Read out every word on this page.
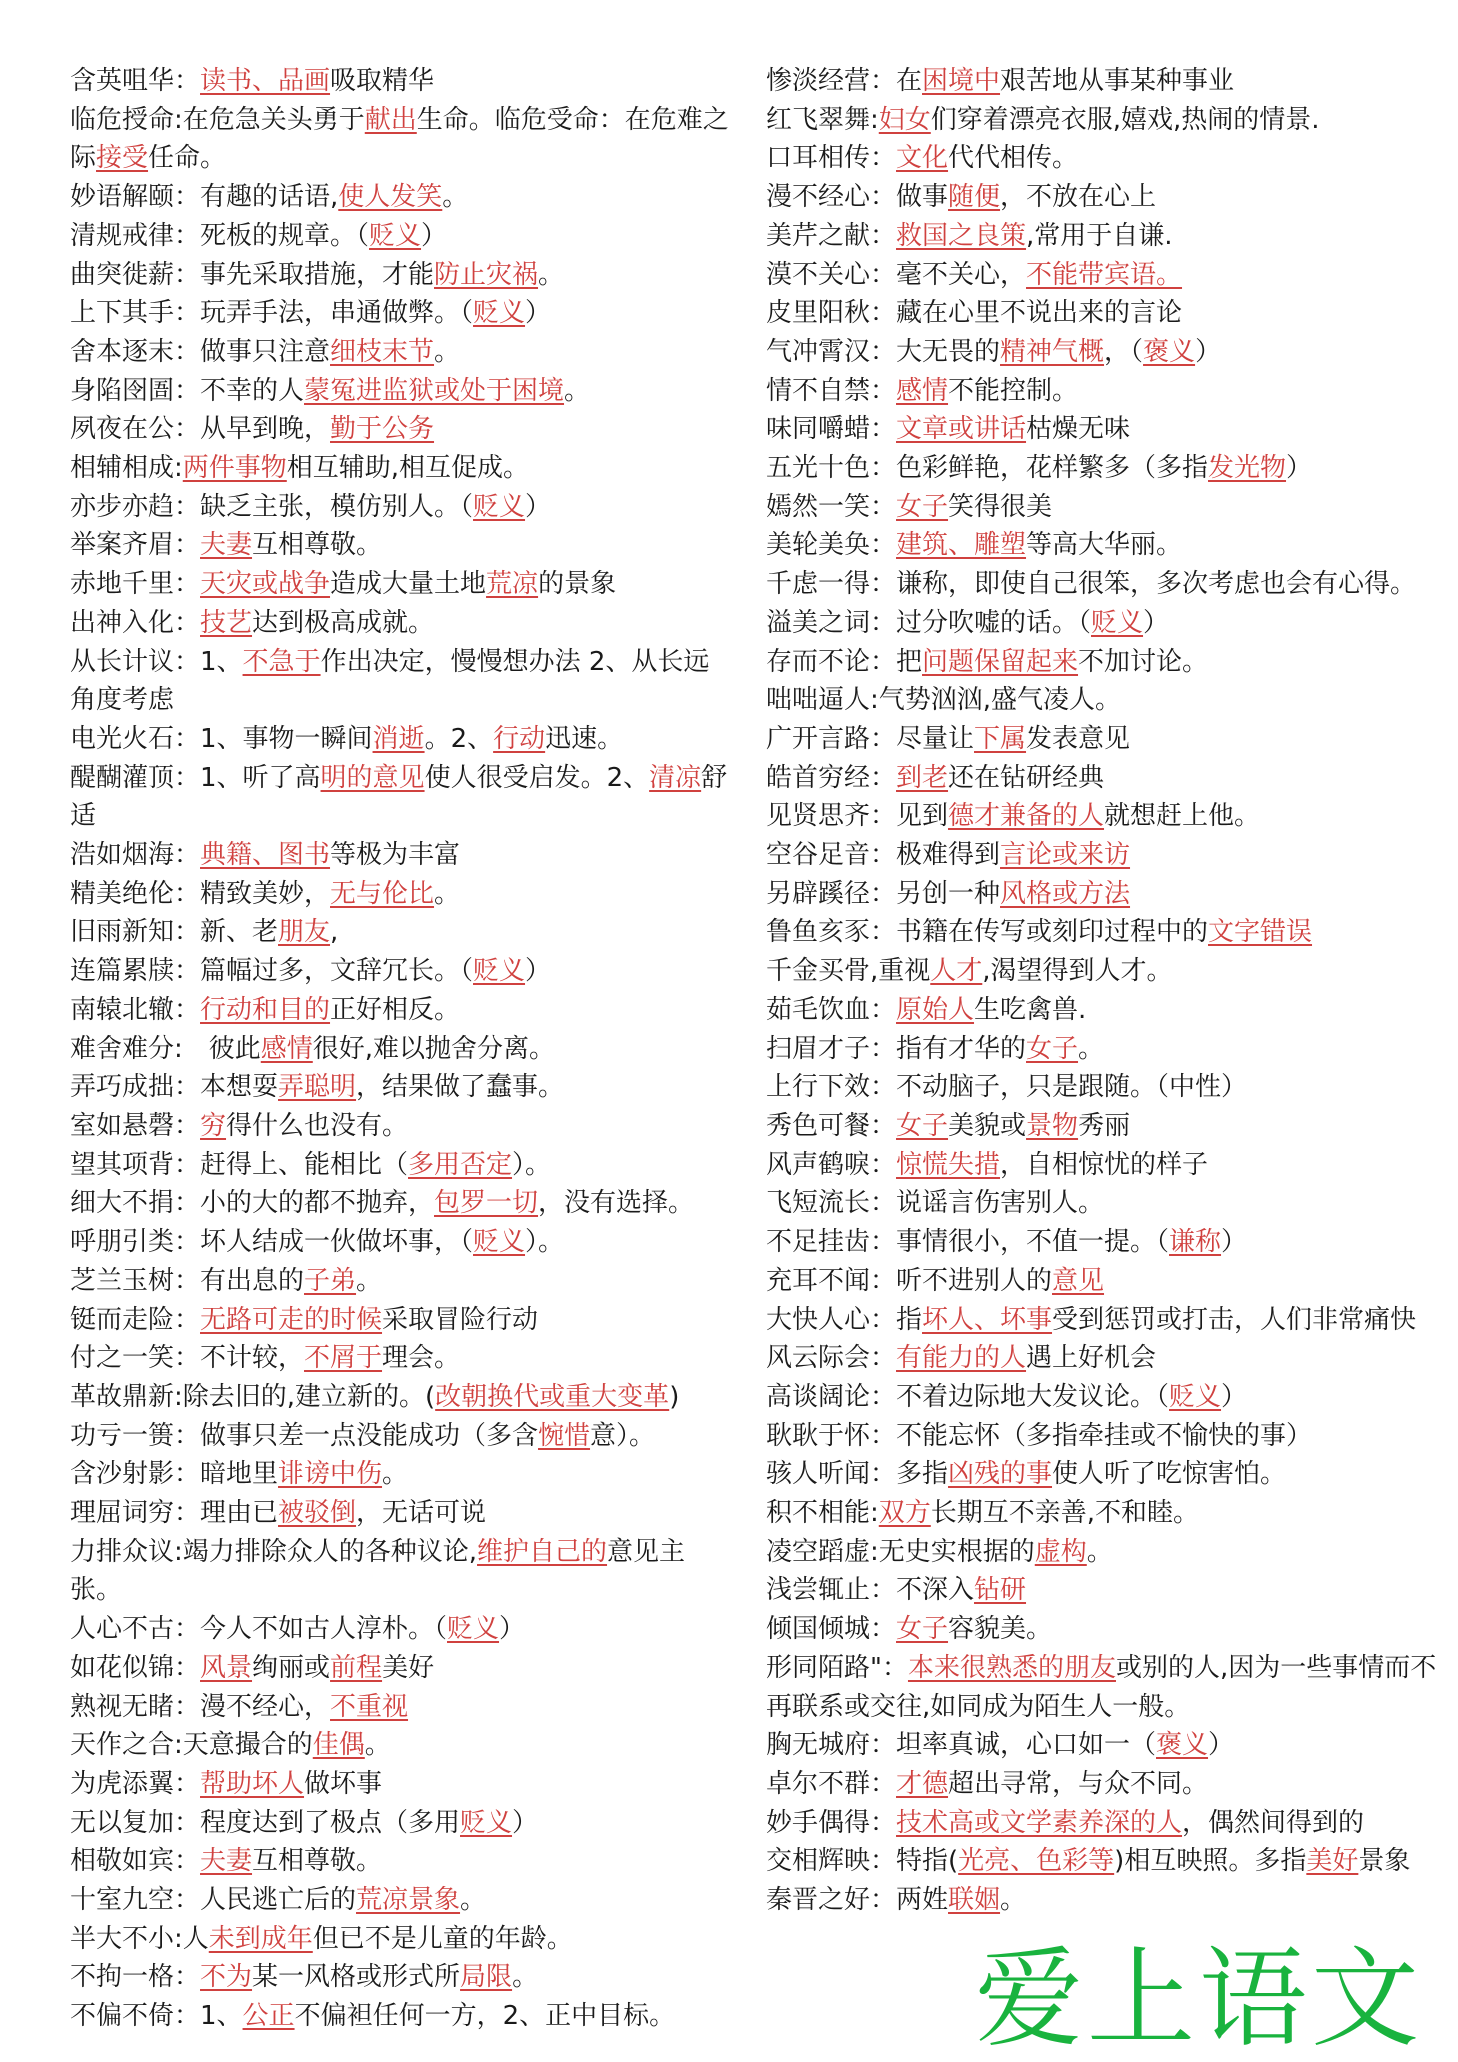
含英咀华：读书、品画吸取精华
临危授命:在危急关头勇于献出生命。临危受命：在危难之际接受任命。
妙语解颐：有趣的话语,使人发笑。
清规戒律：死板的规章。（贬义）
曲突徙薪：事先采取措施，才能防止灾祸。
上下其手：玩弄手法，串通做弊。（贬义）
舍本逐末：做事只注意细枝末节。
身陷囹圄：不幸的人蒙冤进监狱或处于困境。
夙夜在公：从早到晚，勤于公务
相辅相成:两件事物相互辅助,相互促成。
亦步亦趋：缺乏主张，模仿别人。（贬义）
举案齐眉：夫妻互相尊敬。
赤地千里：天灾或战争造成大量土地荒凉的景象
出神入化：技艺达到极高成就。
从长计议：1、不急于作出决定，慢慢想办法 2、从长远角度考虑
电光火石：1、事物一瞬间消逝。2、行动迅速。
醍醐灌顶：1、听了高明的意见使人很受启发。2、清凉舒适
浩如烟海：典籍、图书等极为丰富
精美绝伦：精致美妙，无与伦比。
旧雨新知：新、老朋友,
连篇累牍：篇幅过多，文辞冗长。（贬义）
南辕北辙：行动和目的正好相反。
难舍难分:　彼此感情很好,难以抛舍分离。
弄巧成拙：本想耍弄聪明，结果做了蠢事。
室如悬磬：穷得什么也没有。
望其项背：赶得上、能相比（多用否定）。
细大不捐：小的大的都不抛弃，包罗一切，没有选择。
呼朋引类：坏人结成一伙做坏事，（贬义）。
芝兰玉树：有出息的子弟。
铤而走险：无路可走的时候采取冒险行动
付之一笑：不计较，不屑于理会。
革故鼎新:除去旧的,建立新的。(改朝换代或重大变革)
功亏一篑：做事只差一点没能成功（多含惋惜意）。
含沙射影：暗地里诽谤中伤。
理屈词穷：理由已被驳倒，无话可说
力排众议:竭力排除众人的各种议论,维护自己的意见主张。
人心不古：今人不如古人淳朴。（贬义）
如花似锦：风景绚丽或前程美好
熟视无睹：漫不经心，不重视
天作之合:天意撮合的佳偶。
为虎添翼：帮助坏人做坏事
无以复加：程度达到了极点（多用贬义）
相敬如宾：夫妻互相尊敬。
十室九空：人民逃亡后的荒凉景象。
半大不小:人未到成年但已不是儿童的年龄。
不拘一格：不为某一风格或形式所局限。
不偏不倚：1、公正不偏袒任何一方，2、正中目标。
惨淡经营：在困境中艰苦地从事某种事业
红飞翠舞:妇女们穿着漂亮衣服,嬉戏,热闹的情景.
口耳相传：文化代代相传。
漫不经心：做事随便，不放在心上
美芹之献：救国之良策,常用于自谦.
漠不关心：毫不关心，不能带宾语。
皮里阳秋：藏在心里不说出来的言论
气冲霄汉：大无畏的精神气概，（褒义）
情不自禁：感情不能控制。
味同嚼蜡：文章或讲话枯燥无味
五光十色：色彩鲜艳，花样繁多（多指发光物）
嫣然一笑：女子笑得很美
美轮美奂：建筑、雕塑等高大华丽。
千虑一得：谦称，即使自己很笨，多次考虑也会有心得。
溢美之词：过分吹嘘的话。（贬义）
存而不论：把问题保留起来不加讨论。
咄咄逼人:气势汹汹,盛气凌人。
广开言路：尽量让下属发表意见
皓首穷经：到老还在钻研经典
见贤思齐：见到德才兼备的人就想赶上他。
空谷足音：极难得到言论或来访
另辟蹊径：另创一种风格或方法
鲁鱼亥豕：书籍在传写或刻印过程中的文字错误
千金买骨,重视人才,渴望得到人才。
茹毛饮血：原始人生吃禽兽.
扫眉才子：指有才华的女子。
上行下效：不动脑子，只是跟随。（中性）
秀色可餐：女子美貌或景物秀丽
风声鹤唳：惊慌失措，自相惊忧的样子
飞短流长：说谣言伤害别人。
不足挂齿：事情很小，不值一提。（谦称）
充耳不闻：听不进别人的意见
大快人心：指坏人、坏事受到惩罚或打击，人们非常痛快
风云际会：有能力的人遇上好机会
高谈阔论：不着边际地大发议论。（贬义）
耿耿于怀：不能忘怀（多指牵挂或不愉快的事）
骇人听闻：多指凶残的事使人听了吃惊害怕。
积不相能:双方长期互不亲善,不和睦。
凌空蹈虚:无史实根据的虚构。
浅尝辄止：不深入钻研
倾国倾城：女子容貌美。
形同陌路"：本来很熟悉的朋友或别的人,因为一些事情而不再联系或交往,如同成为陌生人一般。
胸无城府：坦率真诚，心口如一（褒义）
卓尔不群：才德超出寻常，与众不同。
妙手偶得：技术高或文学素养深的人，偶然间得到的
交相辉映：特指(光亮、色彩等)相互映照。多指美好景象
秦晋之好：两姓联姻。

爱上语文
